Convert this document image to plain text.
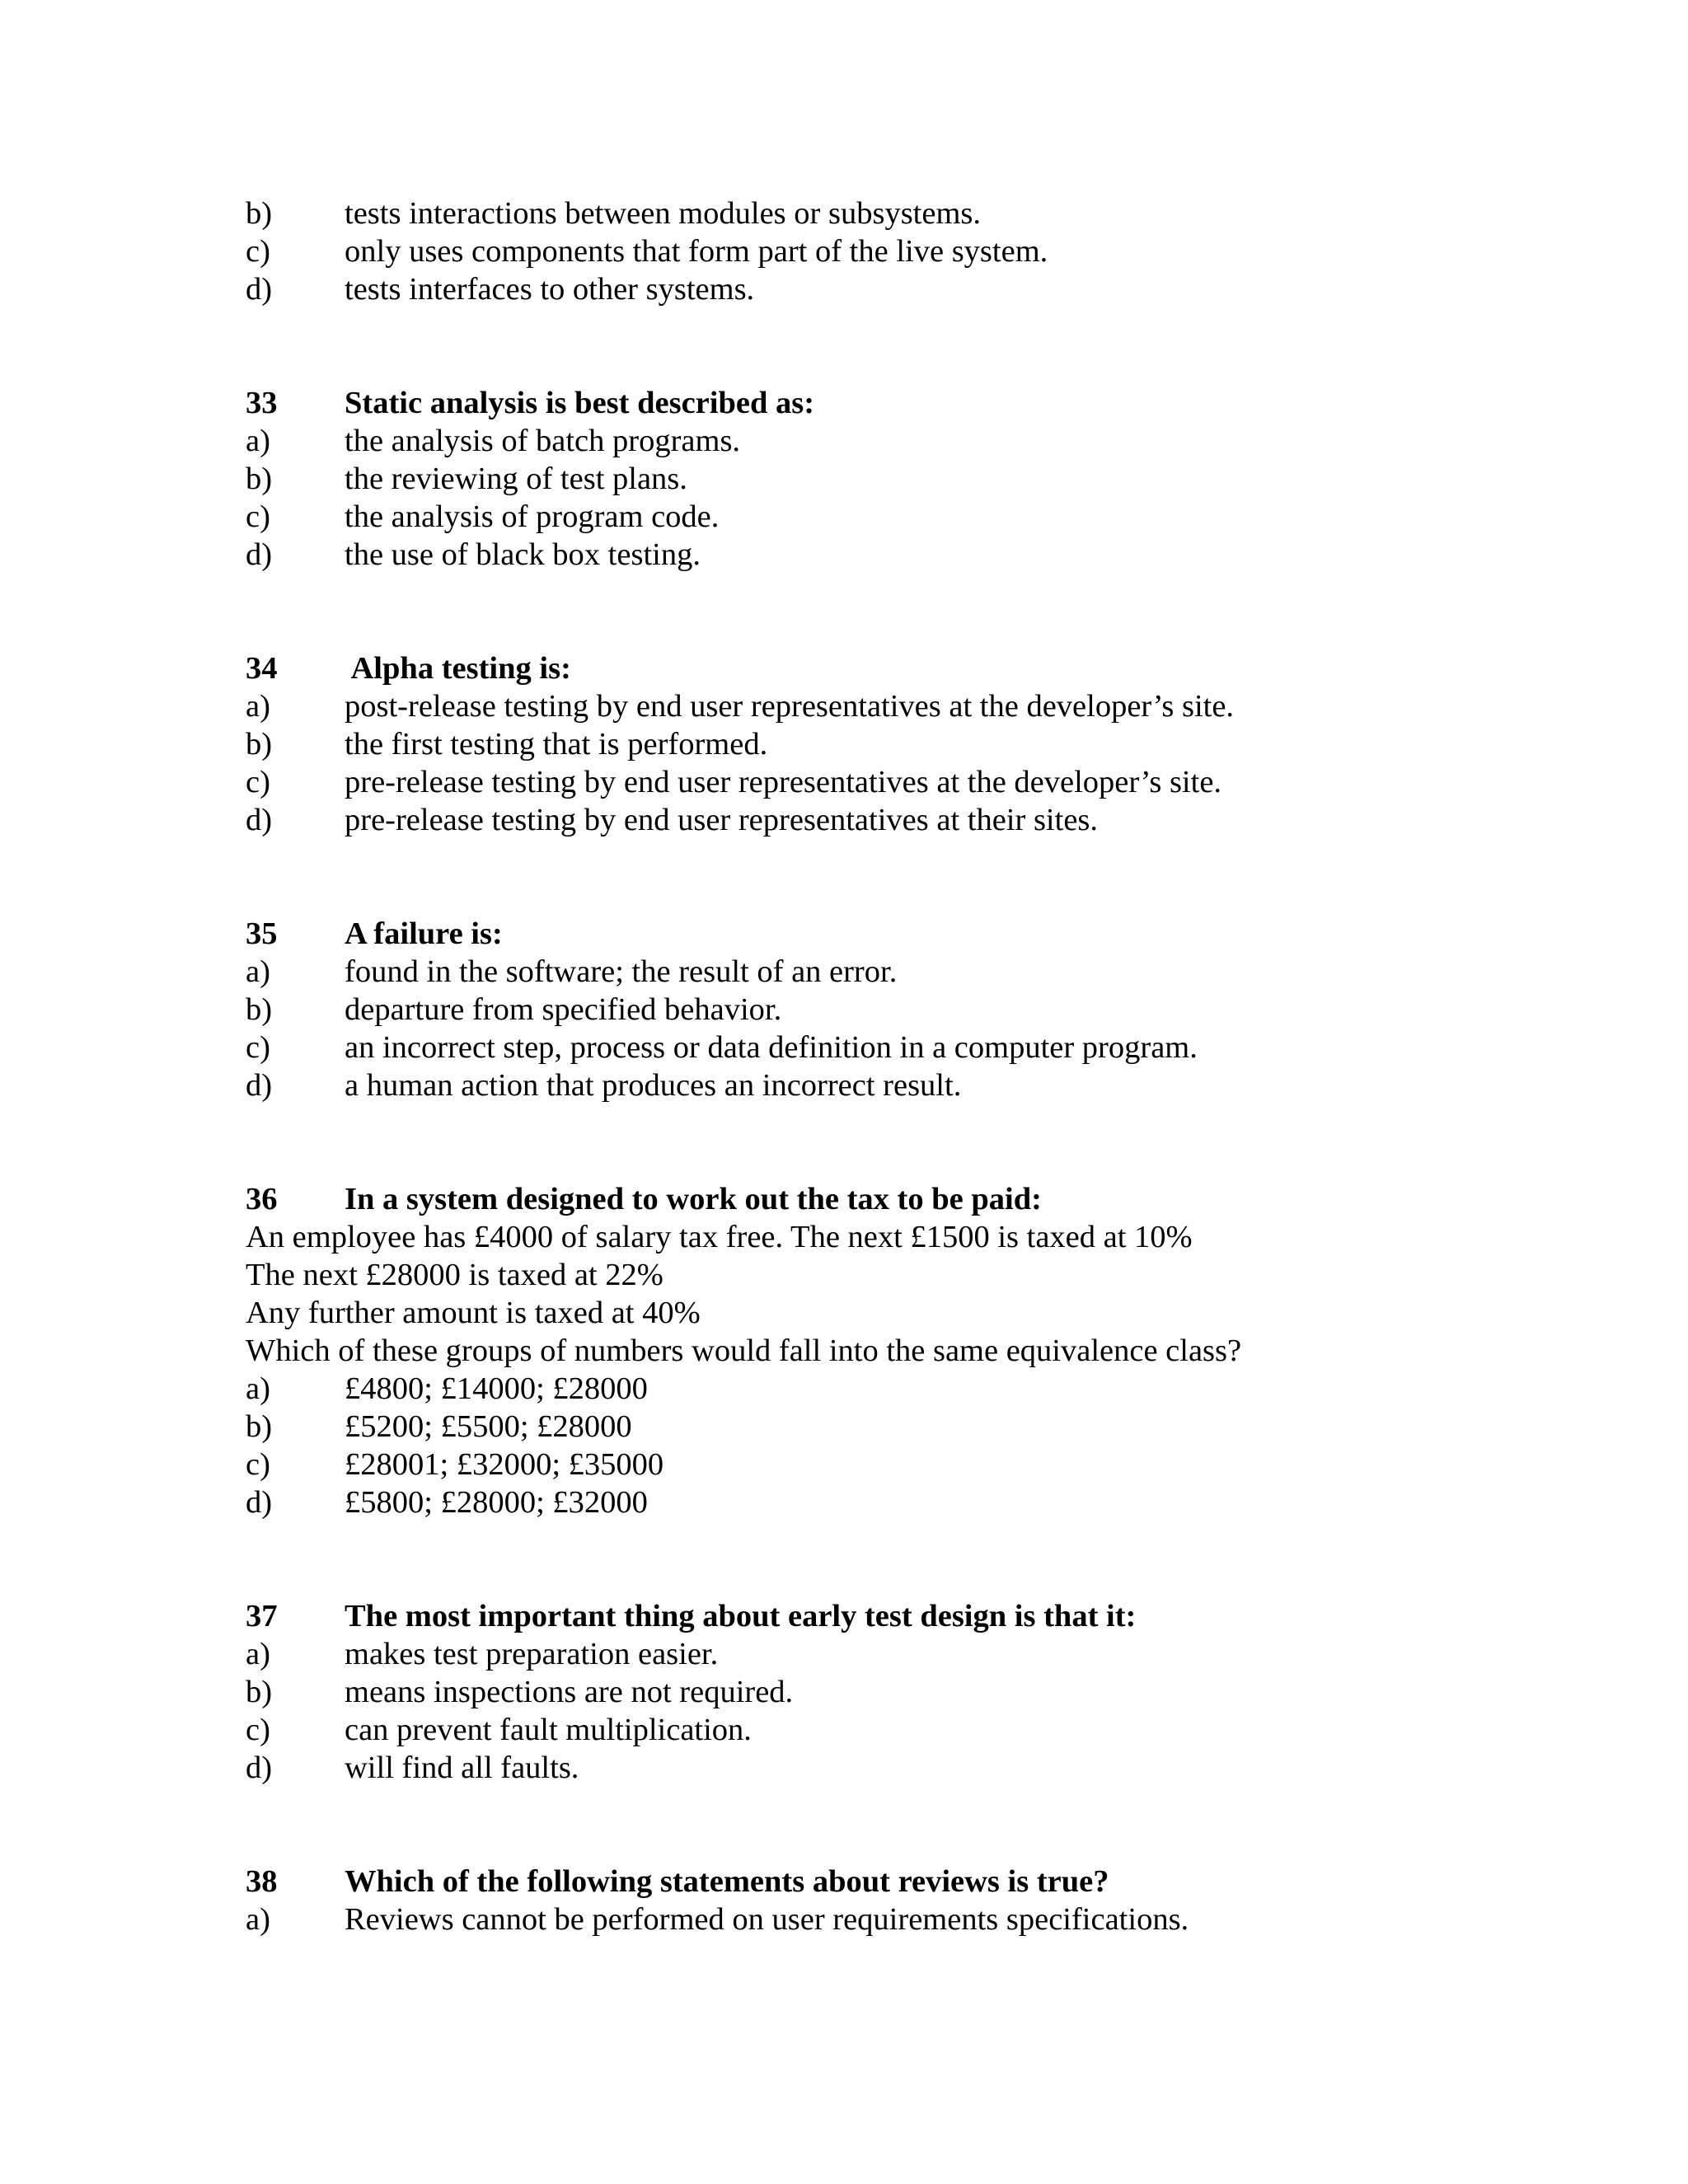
b) tests interactions between modules or subsystems.
c) only uses components that form part of the live system.
d) tests interfaces to other systems.
33 Static analysis is best described as:
a) the analysis of batch programs.
b) the reviewing of test plans.
c) the analysis of program code.
d) the use of black box testing.
34 Alpha testing is:
a) post-release testing by end user representatives at the developer’s site.
b) the first testing that is performed.
c) pre-release testing by end user representatives at the developer’s site.
d) pre-release testing by end user representatives at their sites.
35 A failure is:
a) found in the software; the result of an error.
b) departure from specified behavior.
c) an incorrect step, process or data definition in a computer program.
d) a human action that produces an incorrect result.
36 In a system designed to work out the tax to be paid:
An employee has £4000 of salary tax free. The next £1500 is taxed at 10%
The next £28000 is taxed at 22%
Any further amount is taxed at 40%
Which of these groups of numbers would fall into the same equivalence class?
a) £4800; £14000; £28000
b) £5200; £5500; £28000
c) £28001; £32000; £35000
d) £5800; £28000; £32000
37 The most important thing about early test design is that it:
a) makes test preparation easier.
b) means inspections are not required.
c) can prevent fault multiplication.
d) will find all faults.
38 Which of the following statements about reviews is true?
a) Reviews cannot be performed on user requirements specifications.
